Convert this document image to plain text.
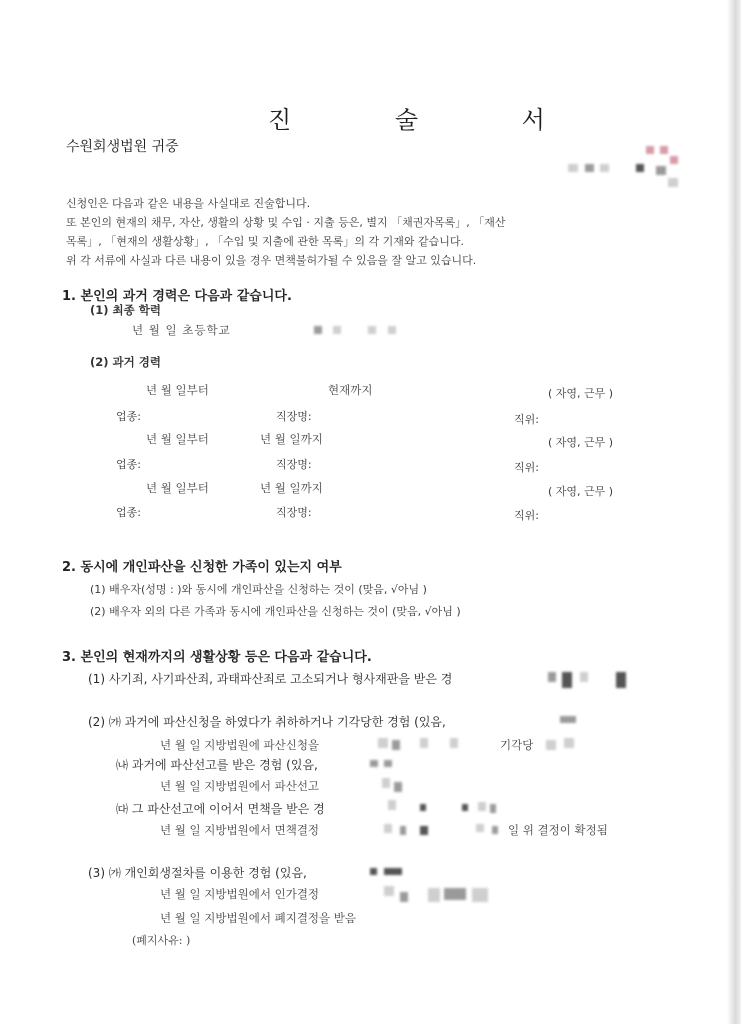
진 술 서
수원회생법원 귀중
신청인은 다음과 같은 내용을 사실대로 진술합니다.
또 본인의 현재의 채무, 자산, 생활의 상황 및 수입 · 지출 등은, 별지 「채권자목록」, 「재산
목록」, 「현재의 생활상황」, 「수입 및 지출에 관한 목록」의 각 기재와 같습니다.
위 각 서류에 사실과 다른 내용이 있을 경우 면책불허가될 수 있음을 잘 알고 있습니다.
1. 본인의 과거 경력은 다음과 같습니다.
(1) 최종 학력
년 월 일 초등학교
(2) 과거 경력
년 월 일부터	현재까지	( 자영, 근무 )
업종:	직장명:	직위:
년 월 일부터	년 월 일까지	( 자영, 근무 )
업종:	직장명:	직위:
년 월 일부터	년 월 일까지	( 자영, 근무 )
업종:	직장명:	직위:
2. 동시에 개인파산을 신청한 가족이 있는지 여부
(1) 배우자(성명 : )와 동시에 개인파산을 신청하는 것이 (맞음, √아님 )
(2) 배우자 외의 다른 가족과 동시에 개인파산을 신청하는 것이 (맞음, √아님 )
3. 본인의 현재까지의 생활상황 등은 다음과 같습니다.
(1) 사기죄, 사기파산죄, 과태파산죄로 고소되거나 형사재판을 받은 경
(2) ㈎ 과거에 파산신청을 하였다가 취하하거나 기각당한 경험 (있음,
년 월 일 지방법원에 파산신청을	기각당
㈏ 과거에 파산선고를 받은 경험 (있음,
년 월 일 지방법원에서 파산선고
㈐ 그 파산선고에 이어서 면책을 받은 경
년 월 일 지방법원에서 면책결정	일 위 결정이 확정됨
(3) ㈎ 개인회생절차를 이용한 경험 (있음,
년 월 일 지방법원에서 인가결정
년 월 일 지방법원에서 폐지결정을 받음
(폐지사유: )
